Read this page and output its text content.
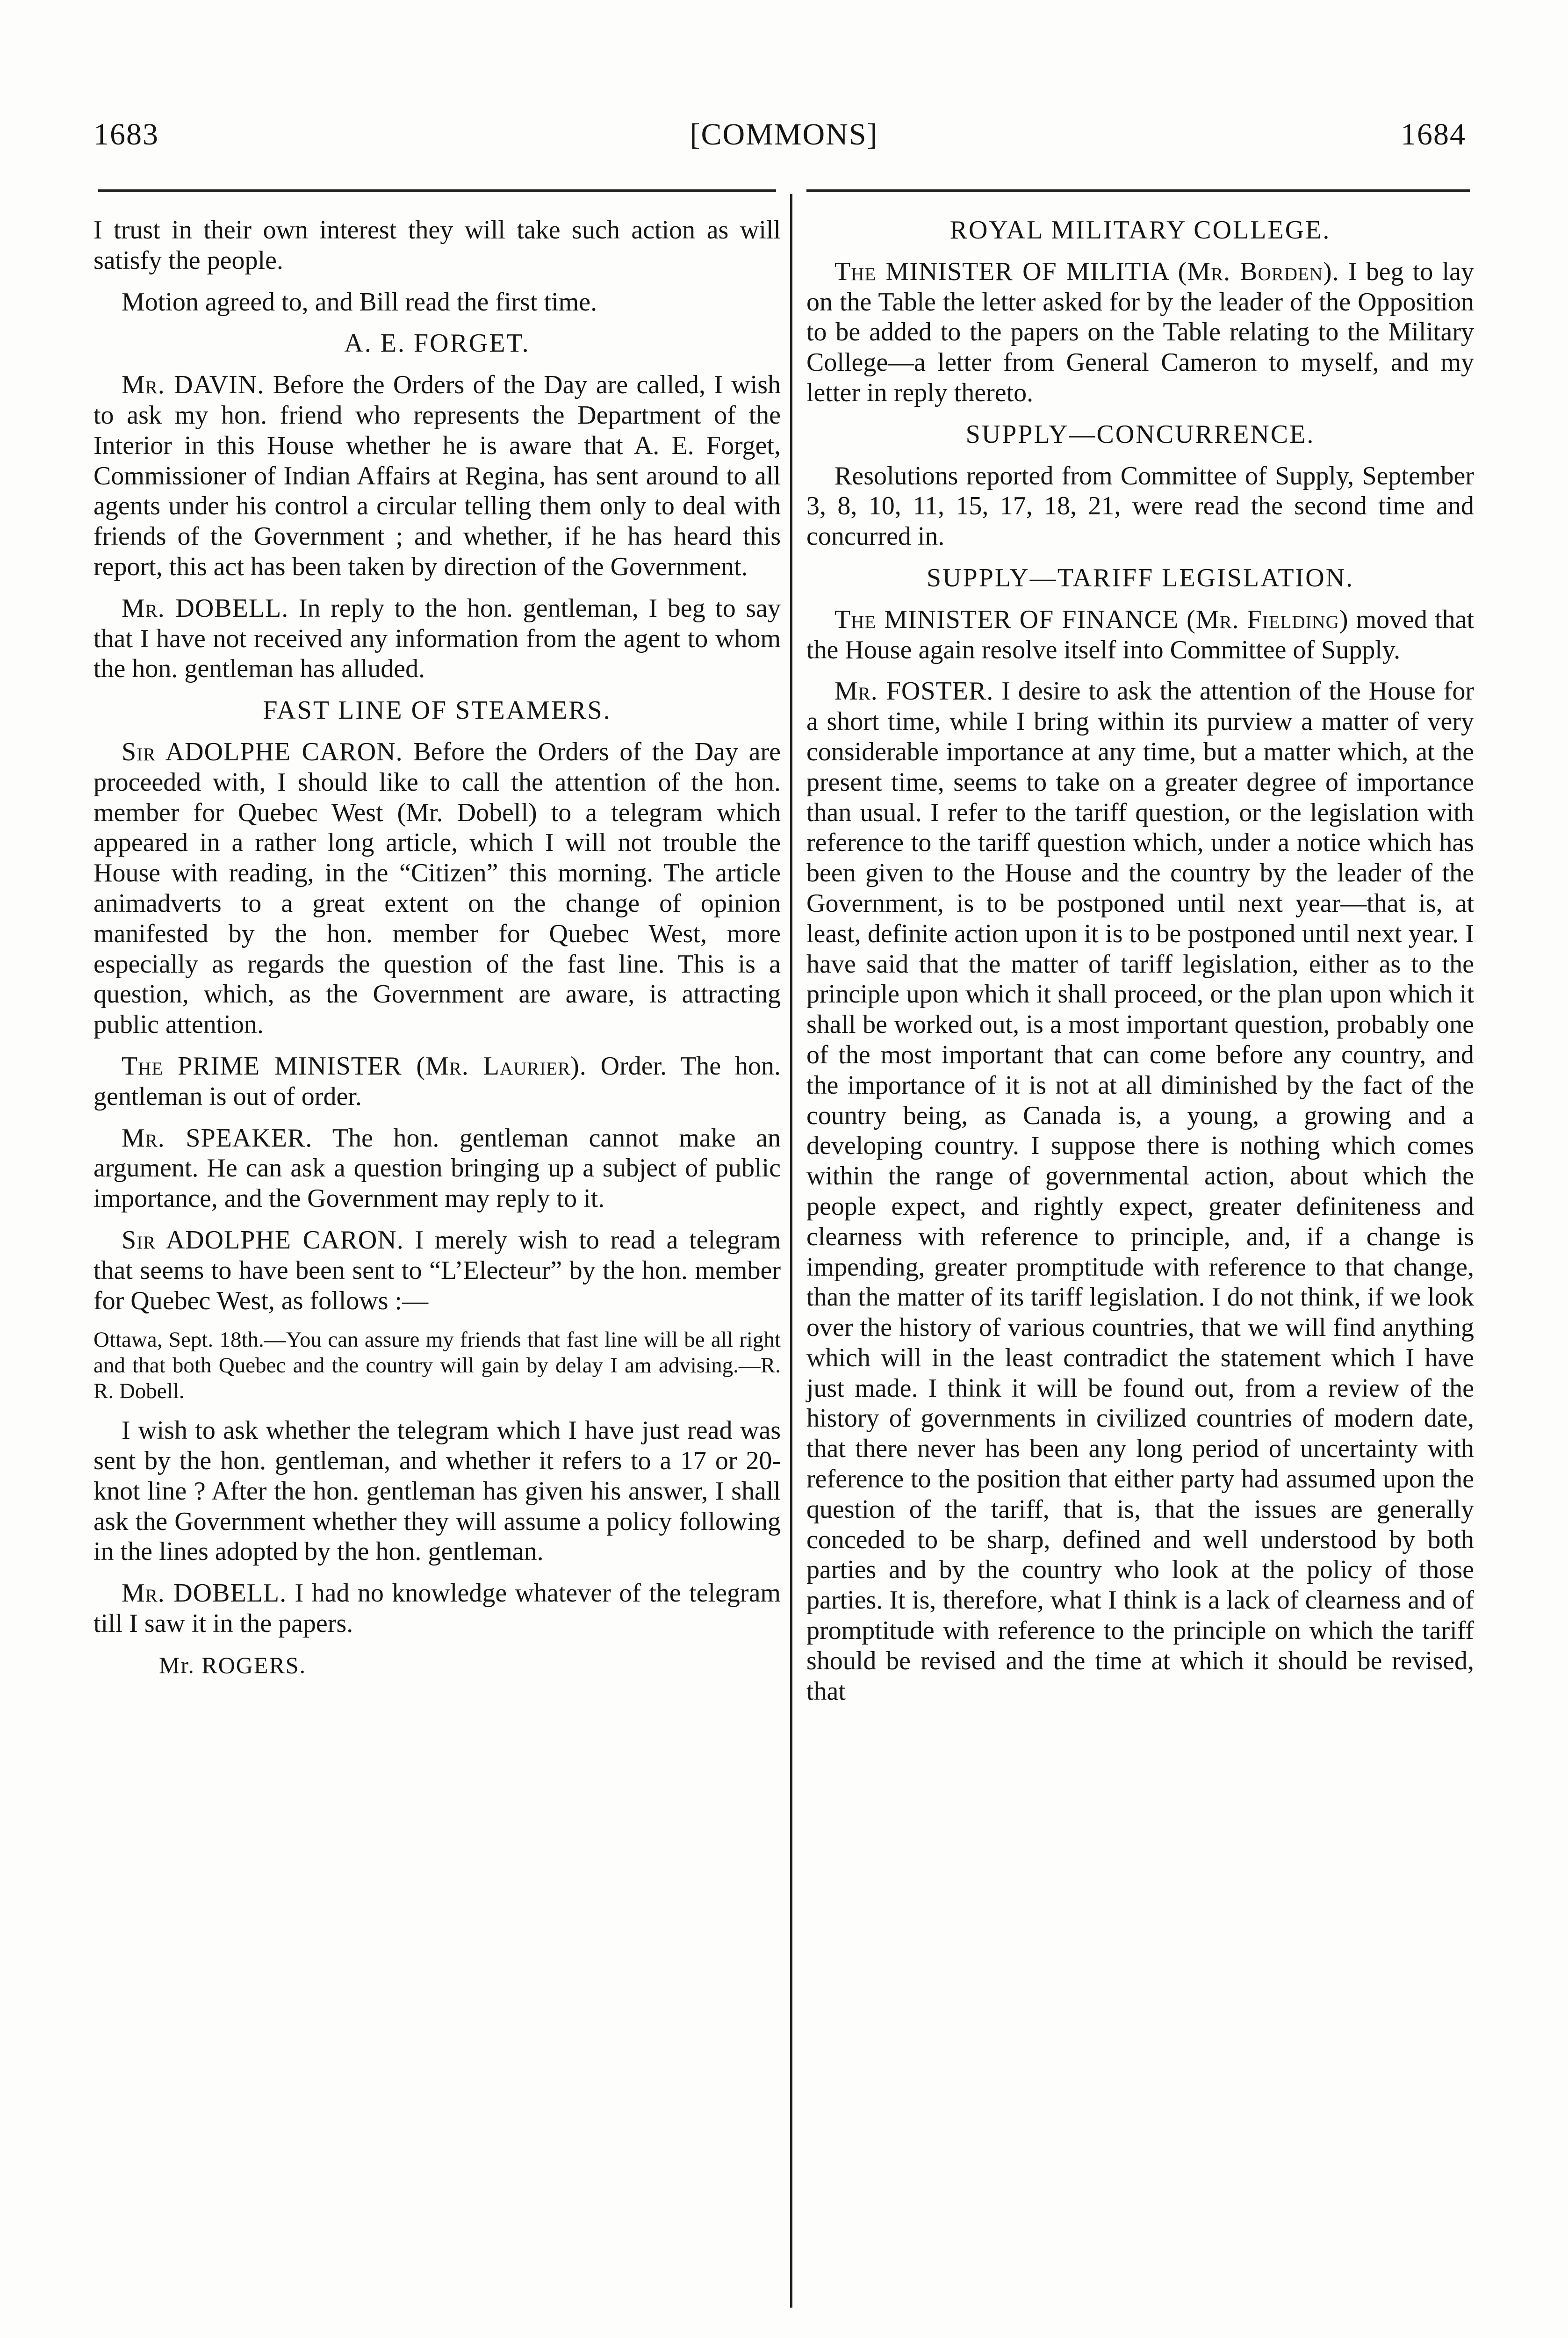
1683	[COMMONS]	1684

I trust in their own interest they will take such action as will satisfy the people.

Motion agreed to, and Bill read the first time.

A. E. FORGET.

Mr. DAVIN. Before the Orders of the Day are called, I wish to ask my hon. friend who represents the Department of the Interior in this House whether he is aware that A. E. Forget, Commissioner of Indian Affairs at Regina, has sent around to all agents under his control a circular telling them only to deal with friends of the Government ; and whether, if he has heard this report, this act has been taken by direction of the Government.

Mr. DOBELL. In reply to the hon. gentleman, I beg to say that I have not received any information from the agent to whom the hon. gentleman has alluded.

FAST LINE OF STEAMERS.

Sir ADOLPHE CARON. Before the Orders of the Day are proceeded with, I should like to call the attention of the hon. member for Quebec West (Mr. Dobell) to a telegram which appeared in a rather long article, which I will not trouble the House with reading, in the “Citizen” this morning. The article animadverts to a great extent on the change of opinion manifested by the hon. member for Quebec West, more especially as regards the question of the fast line. This is a question, which, as the Government are aware, is attracting public attention.

The PRIME MINISTER (Mr. Laurier). Order. The hon. gentleman is out of order.

Mr. SPEAKER. The hon. gentleman cannot make an argument. He can ask a question bringing up a subject of public importance, and the Government may reply to it.

Sir ADOLPHE CARON. I merely wish to read a telegram that seems to have been sent to “L’Electeur” by the hon. member for Quebec West, as follows :—

Ottawa, Sept. 18th.—You can assure my friends that fast line will be all right and that both Quebec and the country will gain by delay I am advising.—R. R. Dobell.

I wish to ask whether the telegram which I have just read was sent by the hon. gentleman, and whether it refers to a 17 or 20-knot line ? After the hon. gentleman has given his answer, I shall ask the Government whether they will assume a policy following in the lines adopted by the hon. gentleman.

Mr. DOBELL. I had no knowledge whatever of the telegram till I saw it in the papers.

Mr. ROGERS.

ROYAL MILITARY COLLEGE.

The MINISTER OF MILITIA (Mr. Borden). I beg to lay on the Table the letter asked for by the leader of the Opposition to be added to the papers on the Table relating to the Military College—a letter from General Cameron to myself, and my letter in reply thereto.

SUPPLY—CONCURRENCE.

Resolutions reported from Committee of Supply, September 3, 8, 10, 11, 15, 17, 18, 21, were read the second time and concurred in.

SUPPLY—TARIFF LEGISLATION.

The MINISTER OF FINANCE (Mr. Fielding) moved that the House again resolve itself into Committee of Supply.

Mr. FOSTER. I desire to ask the attention of the House for a short time, while I bring within its purview a matter of very considerable importance at any time, but a matter which, at the present time, seems to take on a greater degree of importance than usual. I refer to the tariff question, or the legislation with reference to the tariff question which, under a notice which has been given to the House and the country by the leader of the Government, is to be postponed until next year—that is, at least, definite action upon it is to be postponed until next year. I have said that the matter of tariff legislation, either as to the principle upon which it shall proceed, or the plan upon which it shall be worked out, is a most important question, probably one of the most important that can come before any country, and the importance of it is not at all diminished by the fact of the country being, as Canada is, a young, a growing and a developing country. I suppose there is nothing which comes within the range of governmental action, about which the people expect, and rightly expect, greater definiteness and clearness with reference to principle, and, if a change is impending, greater promptitude with reference to that change, than the matter of its tariff legislation. I do not think, if we look over the history of various countries, that we will find anything which will in the least contradict the statement which I have just made. I think it will be found out, from a review of the history of governments in civilized countries of modern date, that there never has been any long period of uncertainty with reference to the position that either party had assumed upon the question of the tariff, that is, that the issues are generally conceded to be sharp, defined and well understood by both parties and by the country who look at the policy of those parties. It is, therefore, what I think is a lack of clearness and of promptitude with reference to the principle on which the tariff should be revised and the time at which it should be revised, that
